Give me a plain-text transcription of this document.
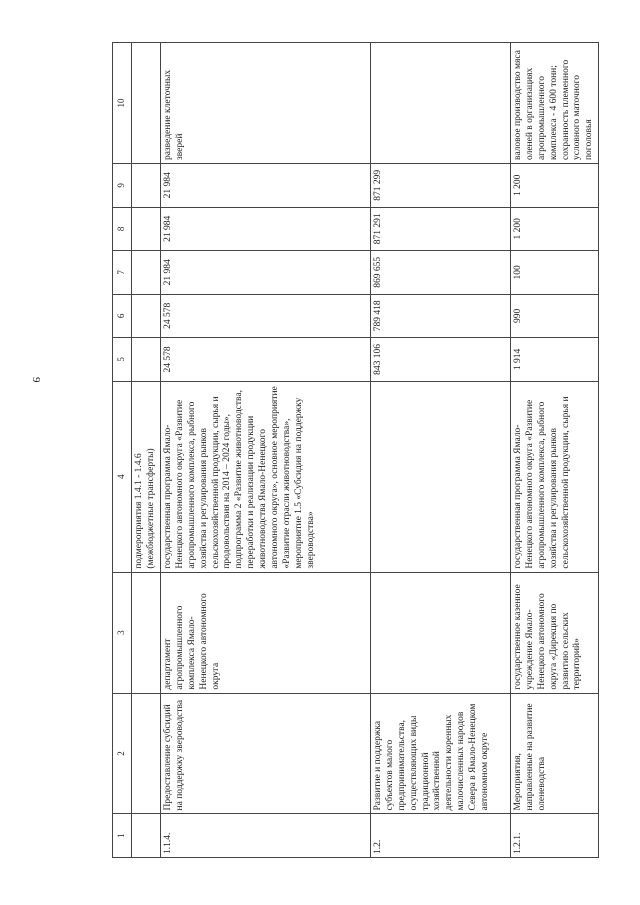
9
1	2	3	4	5	6	7	8	9	10
			подмероприятия 1.4.1 - 1.4.6 (межбюджетные трансферты)						
1.1.4.	Предоставление субсидий на поддержку звероводства	департамент агропромышленного комплекса Ямало-Ненецкого автономного округа	государственная программа Ямало-Ненецкого автономного округа «Развитие агропромышленного комплекса, рыбного хозяйства и регулирования рынков сельскохозяйственной продукции, сырья и продовольствия на 2014 – 2024 годы», подпрограмма 2 «Развитие животноводства, переработки и реализации продукции животноводства Ямало-Ненецкого автономного округа», основное мероприятие «Развитие отрасли животноводства», мероприятие 1.5 «Субсидия на поддержку звероводства»	24 578	24 578	21 984	21 984	21 984	разведение клеточных зверей
1.2.	Развитие и поддержка субъектов малого предпринимательства, осуществляющих виды традиционной хозяйственной деятельности коренных малочисленных народов Севера в Ямало-Ненецком автономном округе			843 106	789 418	869 655	871 291	871 299	
1.2.1.	Мероприятия, направленные на развитие оленеводства	государственное казенное учреждение Ямало-Ненецкого автономного округа «Дирекция по развитию сельских территорий»	государственная программа Ямало-Ненецкого автономного округа «Развитие агропромышленного комплекса, рыбного хозяйства и регулирования рынков сельскохозяйственной продукции, сырья и	1 914	990	100	1 200	1 200	валовое производство мяса оленей в организациях агропромышленного комплекса - 4 600 тонн; сохранность племенного условного маточного поголовья
